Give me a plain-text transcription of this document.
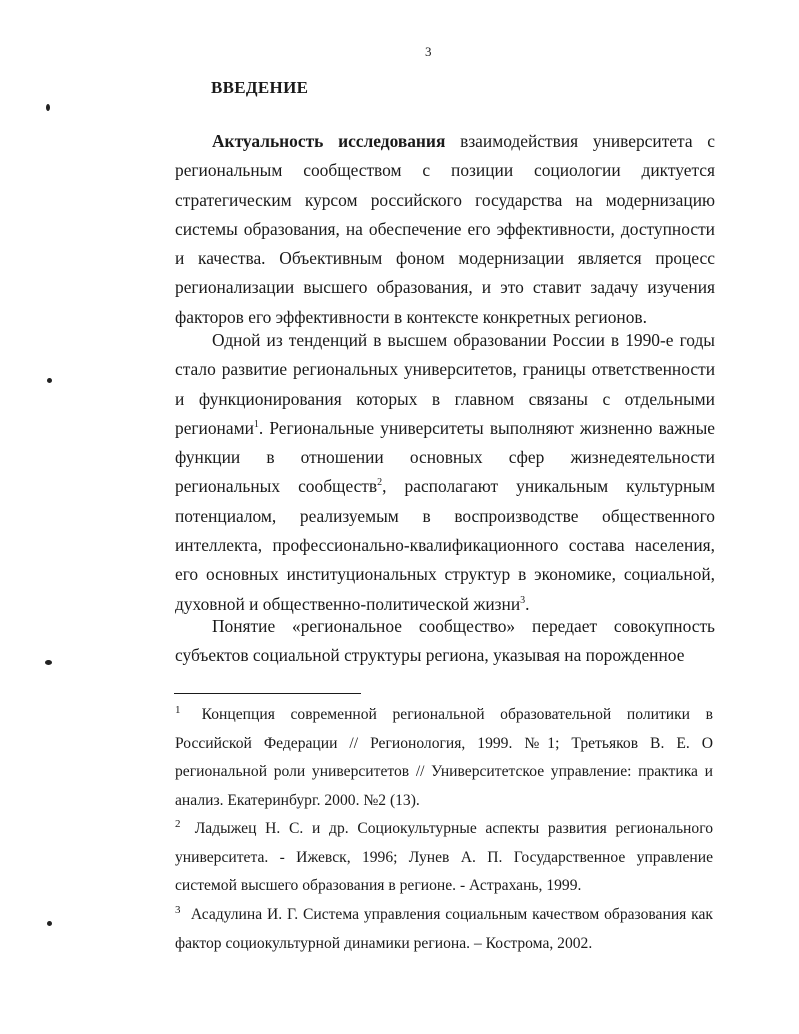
3
ВВЕДЕНИЕ

Актуальность исследования взаимодействия университета с региональным сообществом с позиции социологии диктуется стратегическим курсом российского государства на модернизацию системы образования, на обеспечение его эффективности, доступности и качества. Объективным фоном модернизации является процесс регионализации высшего образования, и это ставит задачу изучения факторов его эффективности в контексте конкретных регионов.

Одной из тенденций в высшем образовании России в 1990-е годы стало развитие региональных университетов, границы ответственности и функционирования которых в главном связаны с отдельными регионами$^1$. Региональные университеты выполняют жизненно важные функции в отношении основных сфер жизнедеятельности региональных сообществ$^2$, располагают уникальным культурным потенциалом, реализуемым в воспроизводстве общественного интеллекта, профессионально-квалификационного состава населения, его основных институциональных структур в экономике, социальной, духовной и общественно-политической жизни$^3$.

Понятие «региональное сообщество» передает совокупность субъектов социальной структуры региона, указывая на порожденное

1 Концепция современной региональной образовательной политики в Российской Федерации // Регионология, 1999. №1; Третьяков В. Е. О региональной роли университетов // Университетское управление: практика и анализ. Екатеринбург. 2000. №2 (13).

2 Ладыжец Н. С. и др. Социокультурные аспекты развития регионального университета. - Ижевск, 1996; Лунев А. П. Государственное управление системой высшего образования в регионе. - Астрахань, 1999.

3 Асадулина И. Г. Система управления социальным качеством образования как фактор социокультурной динамики региона. – Кострома, 2002.
